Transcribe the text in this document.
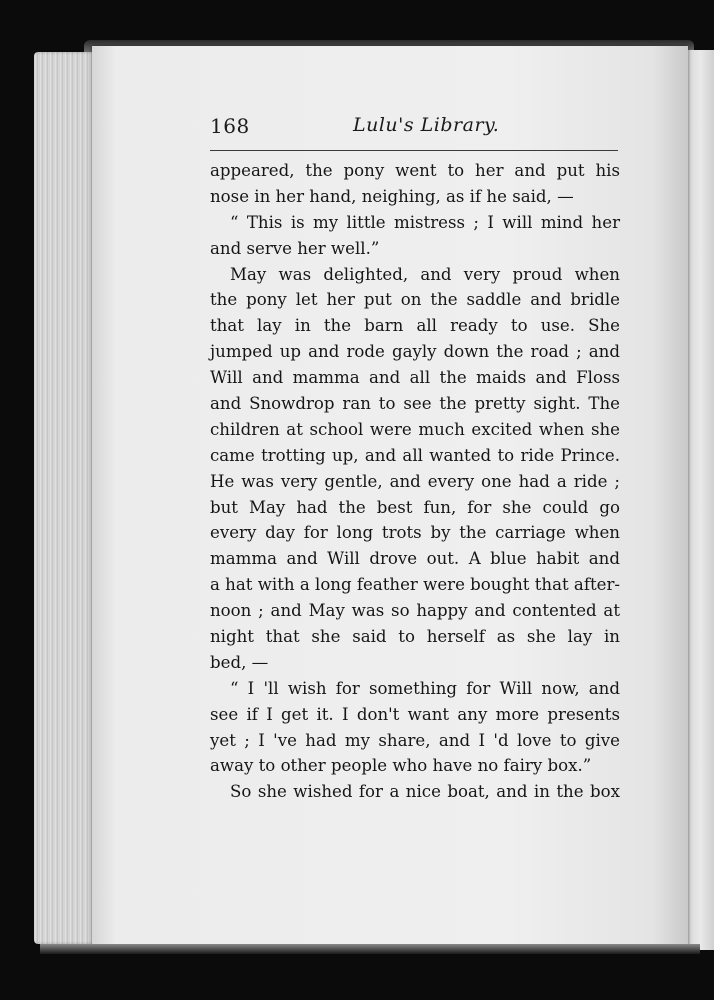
168	Lulu's Library.
appeared, the pony went to her and put his
nose in her hand, neighing, as if he said, —
“ This is my little mistress ; I will mind her
and serve her well.”
May was delighted, and very proud when
the pony let her put on the saddle and bridle
that lay in the barn all ready to use. She
jumped up and rode gayly down the road ; and
Will and mamma and all the maids and Floss
and Snowdrop ran to see the pretty sight. The
children at school were much excited when she
came trotting up, and all wanted to ride Prince.
He was very gentle, and every one had a ride ;
but May had the best fun, for she could go
every day for long trots by the carriage when
mamma and Will drove out. A blue habit and
a hat with a long feather were bought that after-
noon ; and May was so happy and contented at
night that she said to herself as she lay in
bed, —
“ I 'll wish for something for Will now, and
see if I get it. I don't want any more presents
yet ; I 've had my share, and I 'd love to give
away to other people who have no fairy box.”
So she wished for a nice boat, and in the box
